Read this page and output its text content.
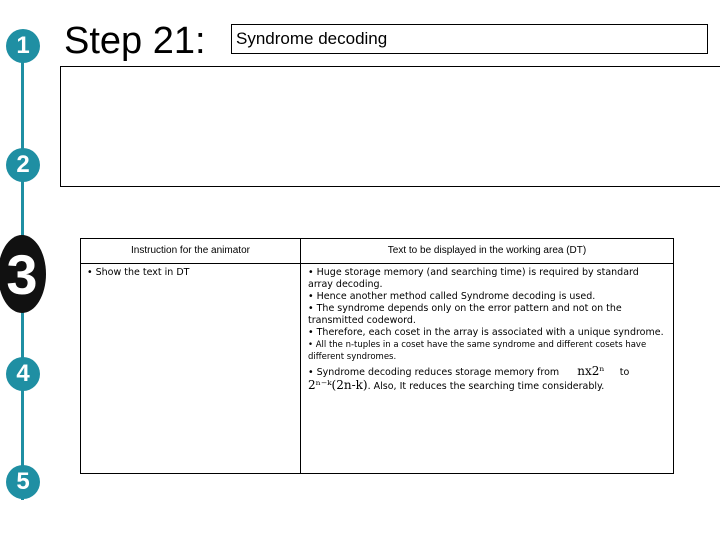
1
2
3
4
5
Step 21: Syndrome decoding
Instruction for the animator	Text to be displayed in the working area (DT)
• Show the text in DT	• Huge storage memory (and searching time) is required by standard array decoding.

• Hence another method called Syndrome decoding is used.

• The syndrome depends only on the error pattern and not on the transmitted codeword.

• Therefore, each coset in the array is associated with a unique syndrome.

• All the n-tuples in a coset have the same syndrome and different cosets have different syndromes.

• Syndrome decoding reduces storage memory from nx2ⁿ to
2ⁿ⁻ᵏ(2n-k). Also, It reduces the searching time considerably.
